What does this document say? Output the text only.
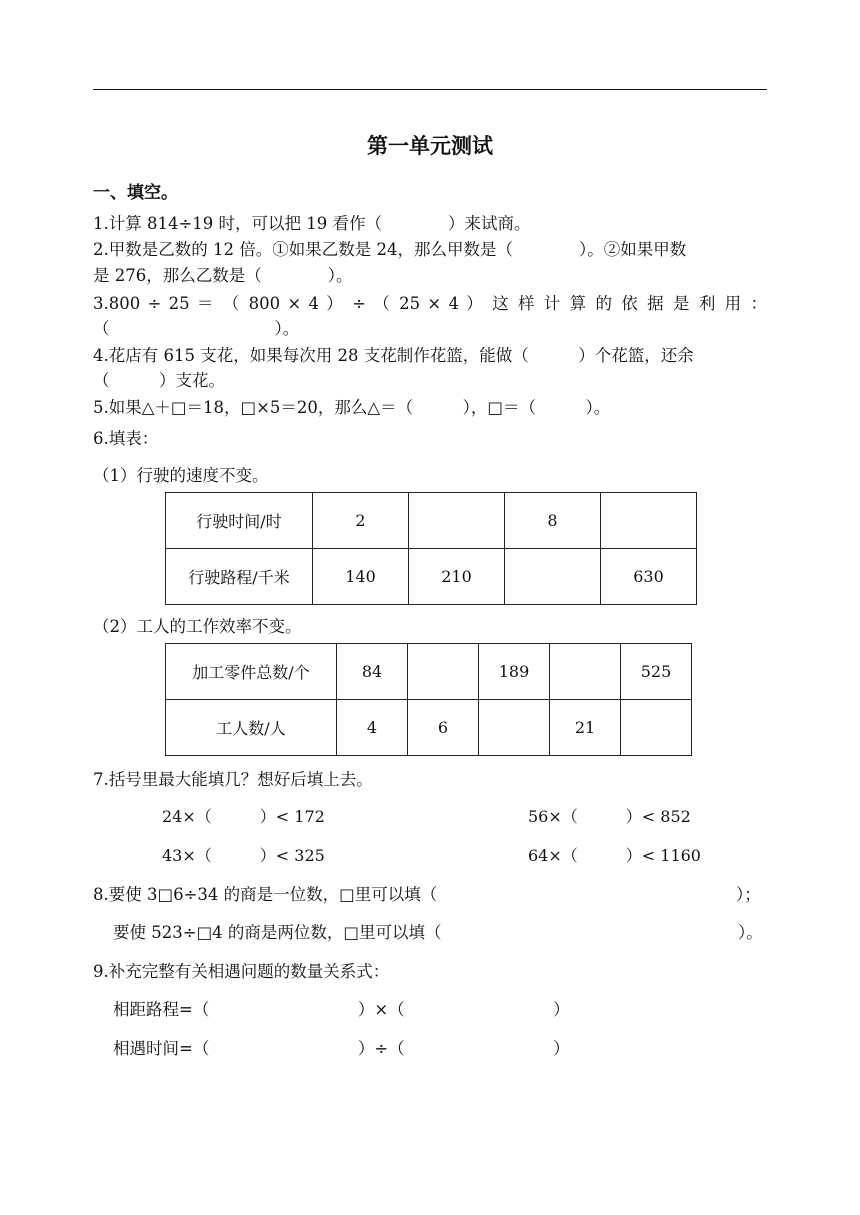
第一单元测试
一、填空。
1.计算 814÷19 时，可以把 19 看作（　　　　）来试商。
2.甲数是乙数的 12 倍。①如果乙数是 24，那么甲数是（　　　　）。②如果甲数
是 276，那么乙数是（　　　　）。
3.800 ÷ 25 ＝ （ 800 × 4 ） ÷ （ 25 × 4 ） 这 样 计 算 的 依 据 是 利 用 ：
（　　　　　　　　　　）。
4.花店有 615 支花，如果每次用 28 支花制作花篮，能做（　　　）个花篮，还余
（　　　）支花。
5.如果△＋□＝18，□×5＝20，那么△＝（　　　），□＝（　　　）。
6.填表：
（1）行驶的速度不变。
行驶时间/时	2		8	
行驶路程/千米	140	210		630
（2）工人的工作效率不变。
加工零件总数/个	84		189		525
工人数/人	4	6		21	
7.括号里最大能填几？想好后填上去。
24×（　　　）< 172	56×（　　　）< 852
43×（　　　）< 325	64×（　　　）< 1160
8.要使 3□6÷34 的商是一位数，□里可以填（	）；
要使 523÷□4 的商是两位数，□里可以填（	）。
9.补充完整有关相遇问题的数量关系式：
相距路程=（　　　　　　　　　）×（　　　　　　　　　）
相遇时间=（　　　　　　　　　）÷（　　　　　　　　　）
